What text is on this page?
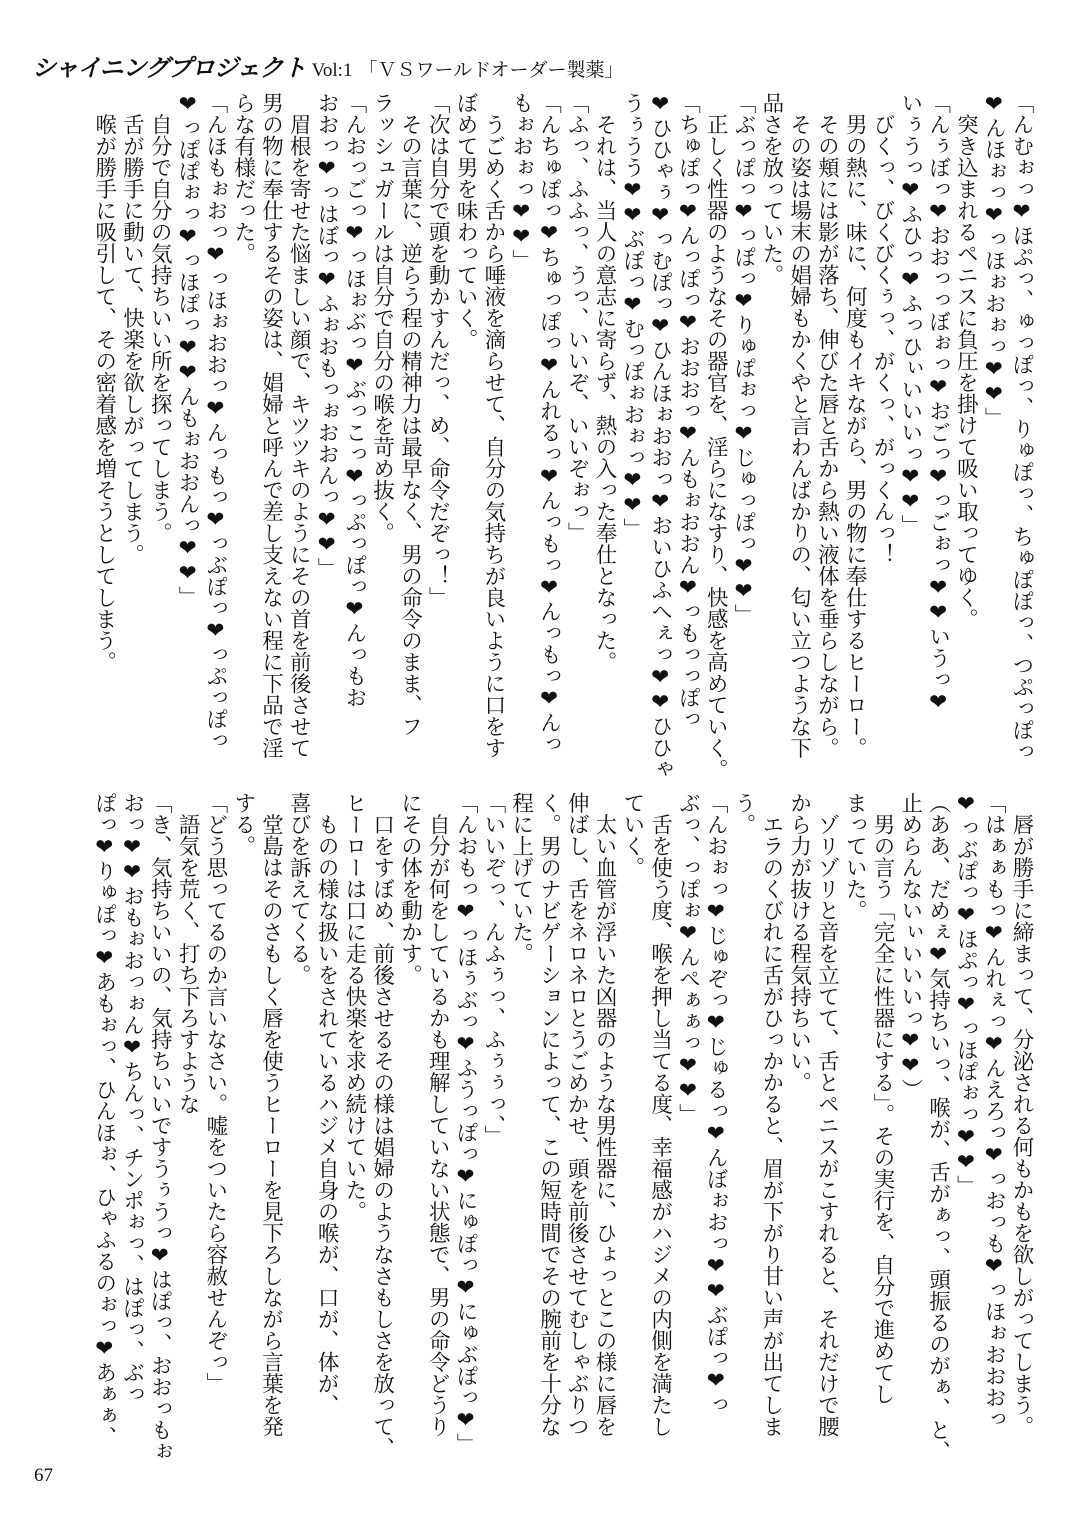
シャイニングプロジェクト Vol:1 「ＶＳワールドオーダー製薬」
「んむぉっ❤ほぷっ、ゅっぽっ、りゅぽっ、ちゅぽぽっ、つぷっぽっ
❤んほぉっ❤っほぉおぉっ❤❤」
　突き込まれるペニスに負圧を掛けて吸い取ってゆく。
「んぅぼっ❤おおっっぼぉっ❤おごっ❤っごぉっ❤❤いうっ❤
いぅうっ❤ふひっ❤ふっひぃいいいっ❤❤」
　びくっ、びくびくぅっ、がくっ、がっくんっ！
　男の熱に、味に、何度もイキながら、男の物に奉仕するヒーロー。
　その頬には影が落ち、伸びた唇と舌から熱い液体を垂らしながら。
　その姿は場末の娼婦もかくやと言わんばかりの、匂い立つような下
品さを放っていた。
「ぶっぽっ❤っぽっ❤りゅぽぉっ❤じゅっぽっ❤❤」
　正しく性器のようなその器官を、淫らになすり、快感を高めていく。
「ちゅぽっ❤んっぽっ❤おおおっ❤んもぉおおん❤っもっっぽっ
❤ひひゃぅ❤っむぽっ❤ひんほぉおおっ❤おいひふへぇっ❤❤ひひゃ
うぅうう❤❤ぶぽっ❤むっぽぉおぉっ❤❤」
　それは、当人の意志に寄らず、熱の入った奉仕となった。
「ふっ、ふふっ、うっ、いいぞ、いいぞぉっ」
「んちゅぽっ❤ちゅっぽっ❤んれるっ❤んっもっ❤んっもっ❤んっ
もぉおぉっ❤❤」
　うごめく舌から唾液を滴らせて、自分の気持ちが良いように口をす
ぼめて男を味わっていく。
「次は自分で頭を動かすんだっ、め、命令だぞっ！」
　その言葉に、逆らう程の精神力は最早なく、男の命令のまま、フ
ラッシュガールは自分で自分の喉を苛め抜く。
「んおっごっ❤っほぉぶっ❤ぶっこっ❤っぷっぽっ❤んっもお
おおっ❤っはぼっ❤ふぉおもっぉおおんっ❤❤」
　眉根を寄せた悩ましい顔で、キツツキのようにその首を前後させて
男の物に奉仕するその姿は、娼婦と呼んで差し支えない程に下品で淫
らな有様だった。
「んほもぉおっ❤っほぉおおっ❤んっもっ❤っぶぽっ❤っぷっぽっ
❤っぽぽぉっ❤っほぽっ❤❤んもぉおおんっ❤❤」
　自分で自分の気持ちいい所を探ってしまう。
　舌が勝手に動いて、快楽を欲しがってしまう。
　喉が勝手に吸引して、その密着感を増そうとしてしまう。
　唇が勝手に締まって、分泌される何もかもを欲しがってしまう。
「はぁぁもっ❤んれぇっ❤んえろっ❤っおっも❤っほぉおおおっ
❤っぶぽっ❤ほぷっ❤っほぽぉっ❤❤」
（ああ、だめぇ❤気持ちいっ、喉が、舌がぁっ、頭振るのがぁ、と、
止めらんないぃいいいっ❤❤）
　男の言う「完全に性器にする」。その実行を、自分で進めてし
まっていた。
　ゾリゾリと音を立てて、舌とペニスがこすれると、それだけで腰
から力が抜ける程気持ちいい。
　エラのくびれに舌がひっかかると、眉が下がり甘い声が出てしま
う。
「んおぉっ❤じゅぞっ❤じゅるっ❤んぼぉおっ❤❤ぶぽっ❤っ
ぶっ、っぽぉ❤んぺぁぁっ❤❤」
　舌を使う度、喉を押し当てる度、幸福感がハジメの内側を満たし
ていく。
　太い血管が浮いた凶器のような男性器に、ひょっとこの様に唇を
伸ばし、舌をネロネロとうごめかせ、頭を前後させてむしゃぶりつ
く。男のナビゲーションによって、この短時間でその腕前を十分な
程に上げていた。
「いいぞっ、んふぅっ、ふぅぅっ、」
「んおもっ❤っほぅぶっ❤ふうっぽっ❤にゅぽっ❤にゅぶぽっ❤」
　自分が何をしているかも理解していない状態で、男の命令どうり
にその体を動かす。
　口をすぼめ、前後させるその様は娼婦のようなさもしさを放って、
ヒーローは口に走る快楽を求め続けていた。
　ものの様な扱いをされているハジメ自身の喉が、口が、体が、
喜びを訴えてくる。
　堂島はそのさもしく唇を使うヒーローを見下ろしながら言葉を発
する。
「どう思ってるのか言いなさい。嘘をついたら容赦せんぞっ」
　語気を荒く、打ち下ろすような
「き、気持ちいいの、気持ちいいですうぅうっ❤はぽっ、おおっもぉ
おっ❤❤おもぉおっぉん❤ちんっ、チンポぉっ、はぽっ、ぶっ
ぽっ❤りゅぽっ❤あもぉっ、ひんほぉ、ひゃふるのぉっ❤あぁぁ、
67
